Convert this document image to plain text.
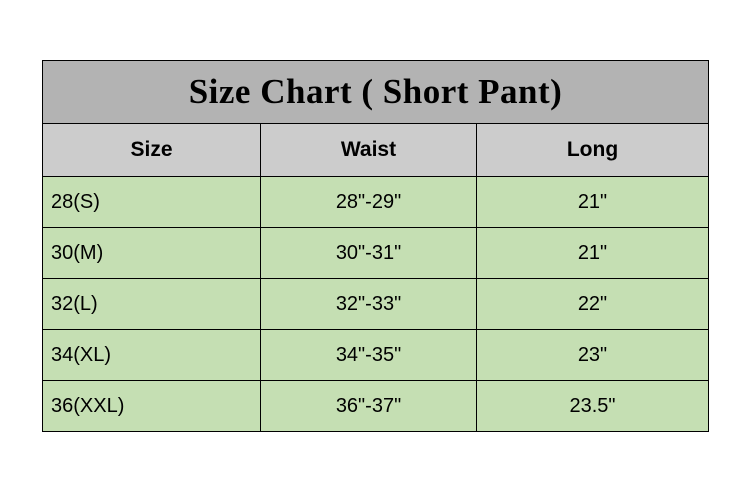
Size Chart ( Short Pant)		
Size	Waist	Long
28(S)	28"-29"	21"
30(M)	30"-31"	21"
32(L)	32"-33"	22"
34(XL)	34"-35"	23"
36(XXL)	36"-37"	23.5"
